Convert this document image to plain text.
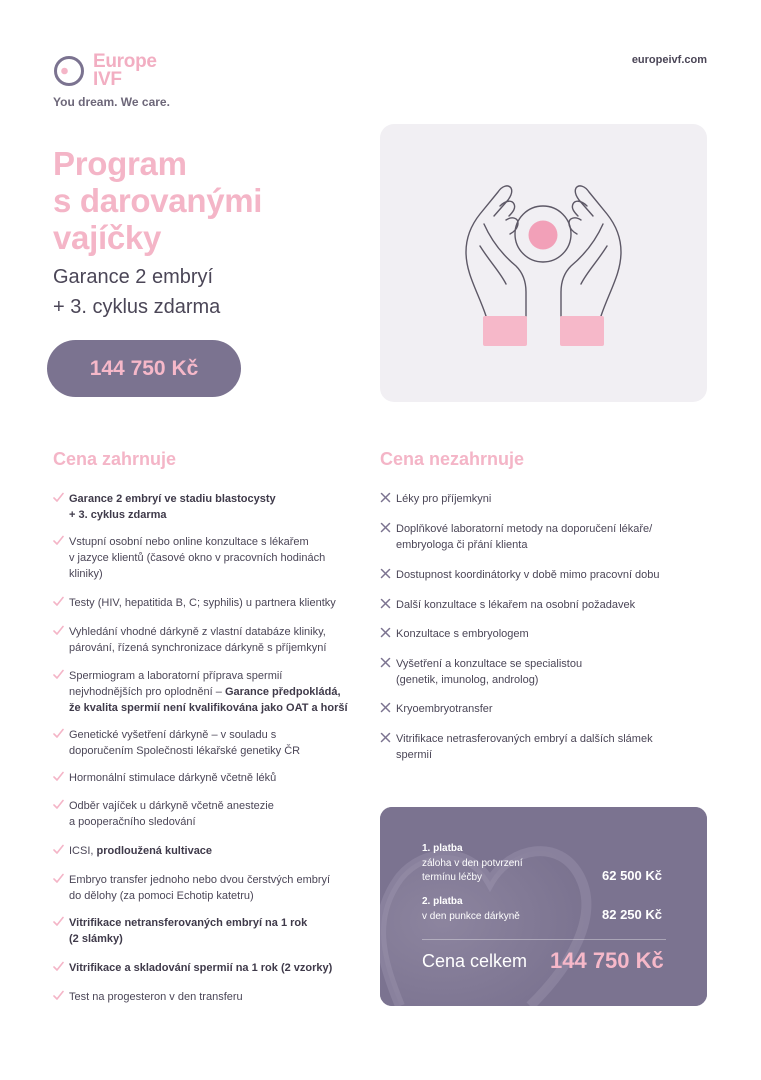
Europe
IVF
You dream. We care.
europeivf.com
Program
s darovanými
vajíčky
Garance 2 embryí
+ 3. cyklus zdarma
144 750 Kč
Cena zahrnuje
Garance 2 embryí ve stadiu blastocysty
+ 3. cyklus zdarma
Vstupní osobní nebo online konzultace s lékařem
v jazyce klientů (časové okno v pracovních hodinách
kliniky)
Testy (HIV, hepatitida B, C; syphilis) u partnera klientky
Vyhledání vhodné dárkyně z vlastní databáze kliniky,
párování, řízená synchronizace dárkyně s příjemkyní
Spermiogram a laboratorní příprava spermií
nejvhodnějších pro oplodnění – Garance předpokládá,
že kvalita spermií není kvalifikována jako OAT a horší
Genetické vyšetření dárkyně – v souladu s
doporučením Společnosti lékařské genetiky ČR
Hormonální stimulace dárkyně včetně léků
Odběr vajíček u dárkyně včetně anestezie
a pooperačního sledování
ICSI, prodloužená kultivace
Embryo transfer jednoho nebo dvou čerstvých embryí
do dělohy (za pomoci Echotip katetru)
Vitrifikace netransferovaných embryí na 1 rok
(2 slámky)
Vitrifikace a skladování spermií na 1 rok (2 vzorky)
Test na progesteron v den transferu
Cena nezahrnuje
Léky pro příjemkyni
Doplňkové laboratorní metody na doporučení lékaře/
embryologa či přání klienta
Dostupnost koordinátorky v době mimo pracovní dobu
Další konzultace s lékařem na osobní požadavek
Konzultace s embryologem
Vyšetření a konzultace se specialistou
(genetik, imunolog, androlog)
Kryoembryotransfer
Vitrifikace netrasferovaných embryí a dalších slámek
spermií
1. platba
záloha v den potvrzení termínu léčby	62 500 Kč
2. platba
v den punkce dárkyně	82 250 Kč
Cena celkem 144 750 Kč
